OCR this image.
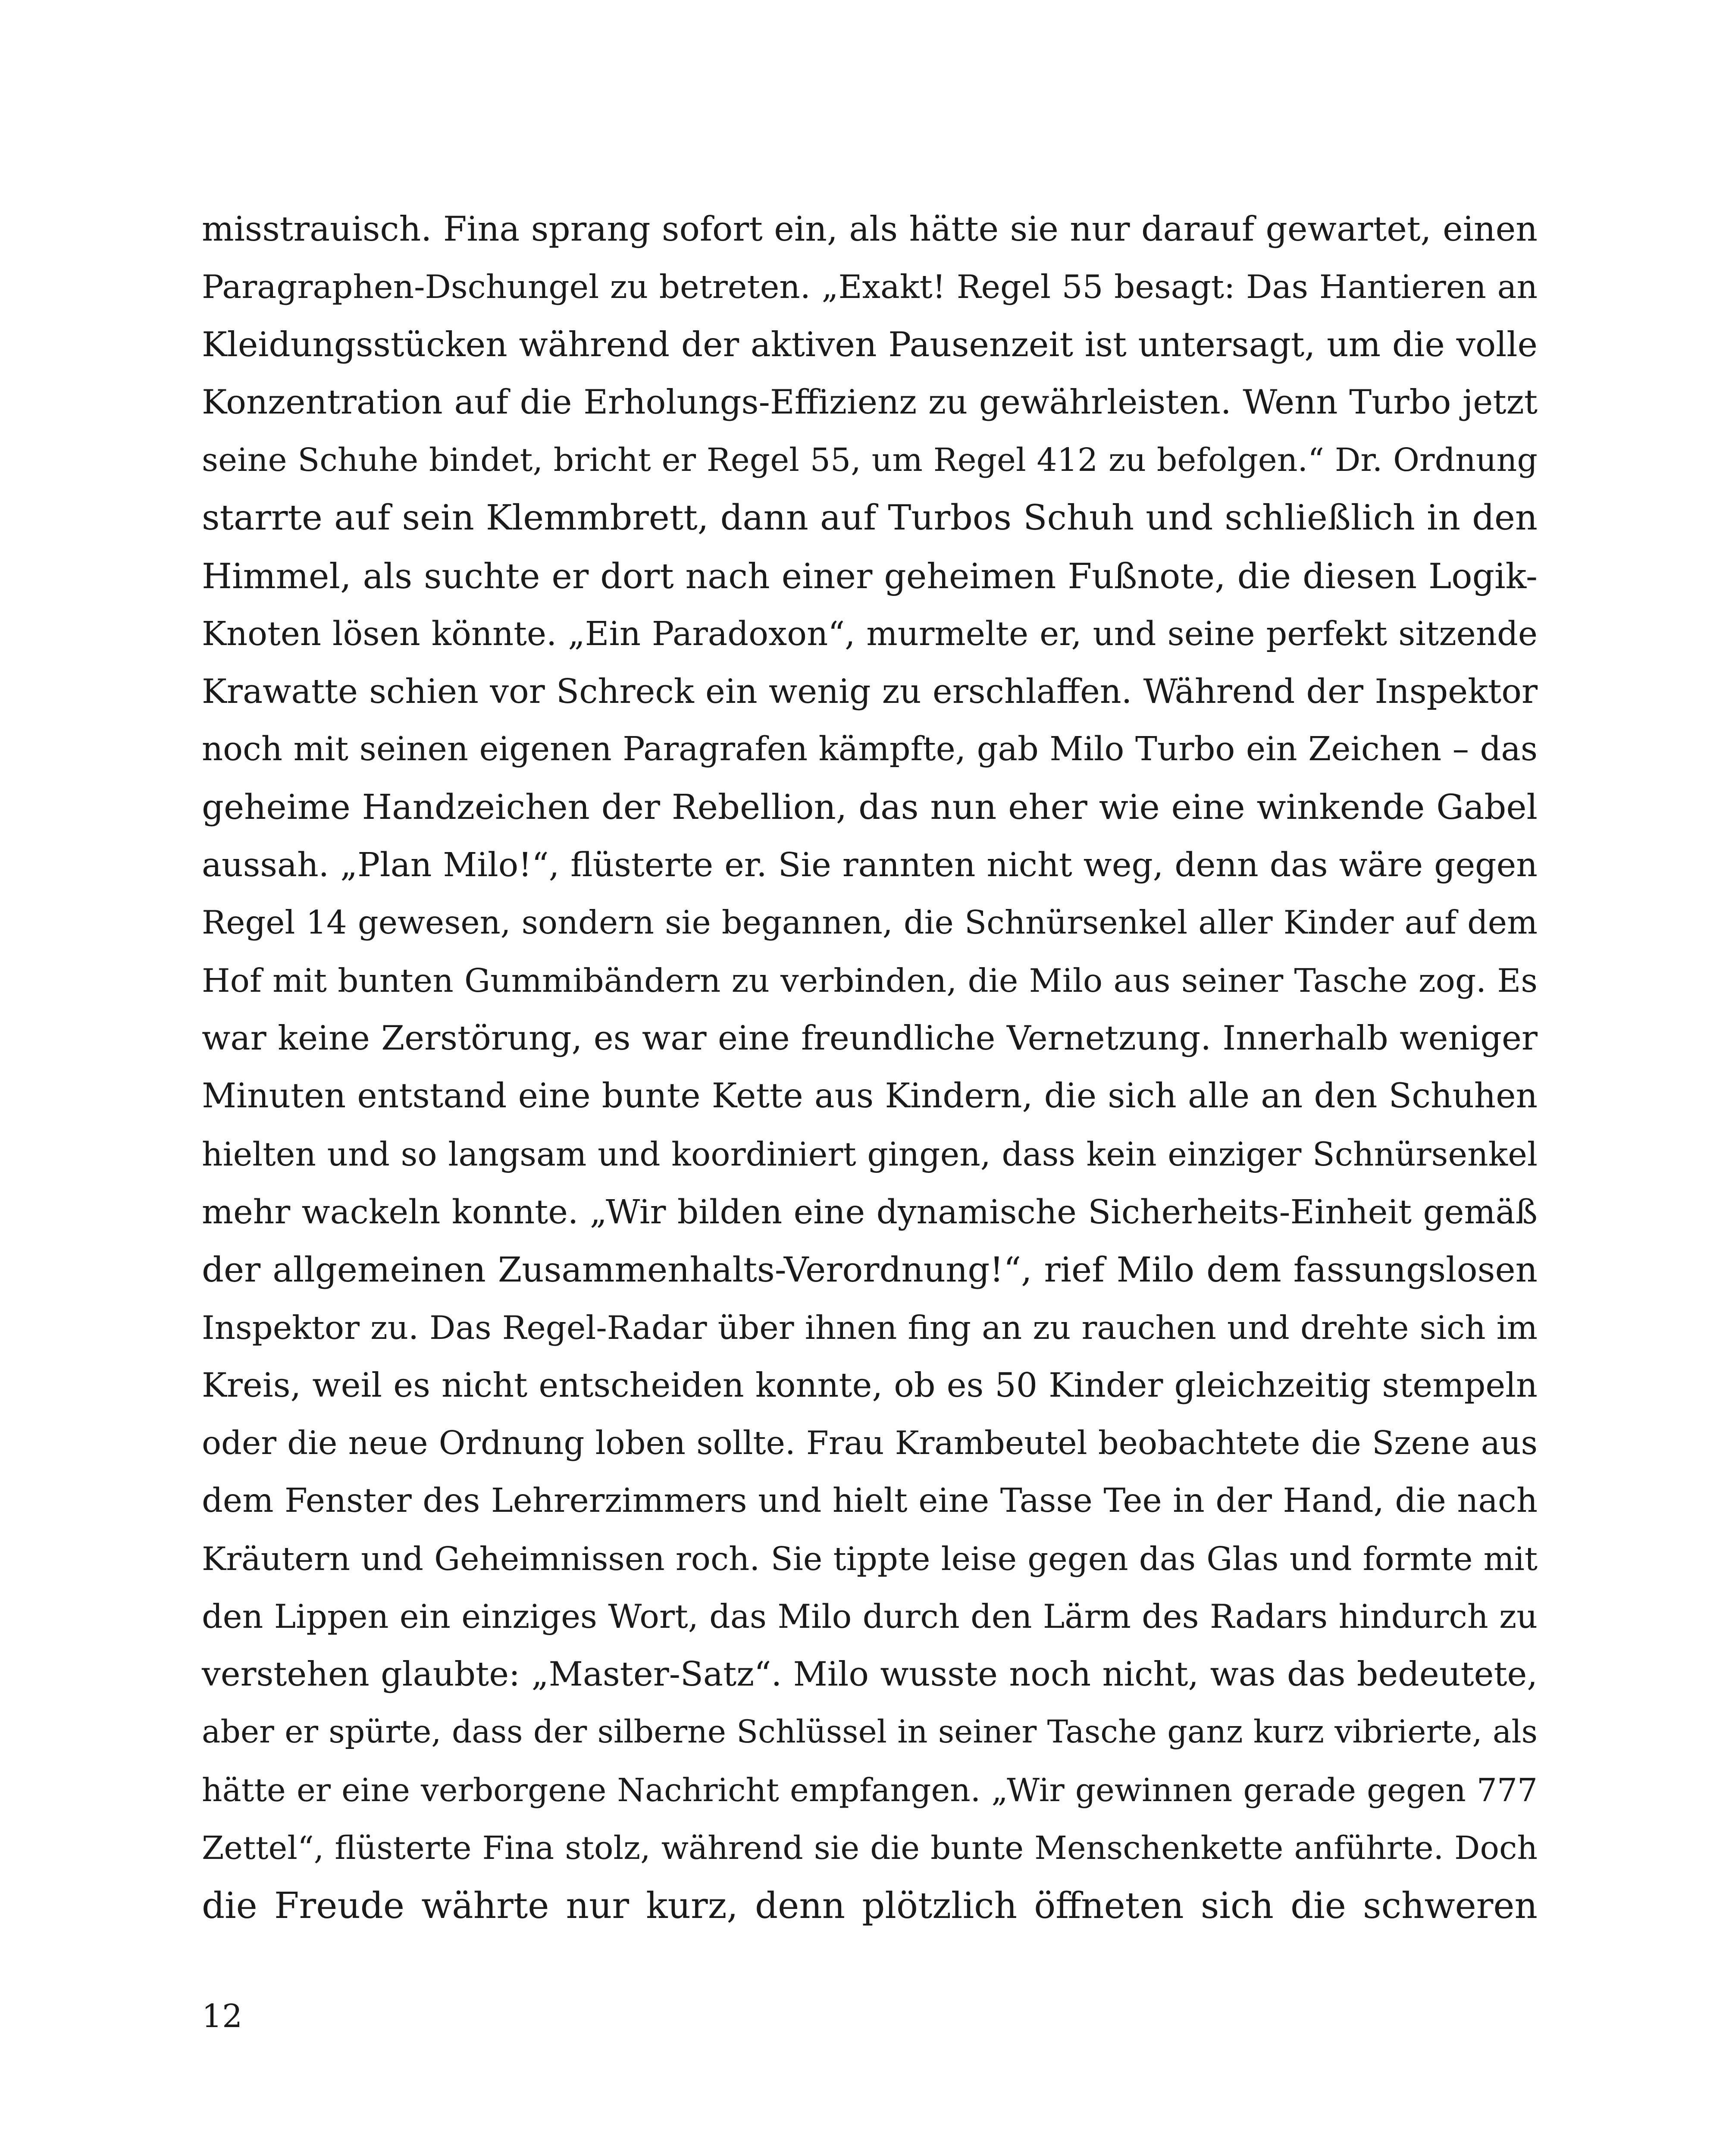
misstrauisch. Fina sprang sofort ein, als hätte sie nur darauf gewartet, einen
Paragraphen-Dschungel zu betreten. „Exakt! Regel 55 besagt: Das Hantieren an
Kleidungsstücken während der aktiven Pausenzeit ist untersagt, um die volle
Konzentration auf die Erholungs-Effizienz zu gewährleisten. Wenn Turbo jetzt
seine Schuhe bindet, bricht er Regel 55, um Regel 412 zu befolgen.“ Dr. Ordnung
starrte auf sein Klemmbrett, dann auf Turbos Schuh und schließlich in den
Himmel, als suchte er dort nach einer geheimen Fußnote, die diesen Logik-
Knoten lösen könnte. „Ein Paradoxon“, murmelte er, und seine perfekt sitzende
Krawatte schien vor Schreck ein wenig zu erschlaffen. Während der Inspektor
noch mit seinen eigenen Paragrafen kämpfte, gab Milo Turbo ein Zeichen – das
geheime Handzeichen der Rebellion, das nun eher wie eine winkende Gabel
aussah. „Plan Milo!“, flüsterte er. Sie rannten nicht weg, denn das wäre gegen
Regel 14 gewesen, sondern sie begannen, die Schnürsenkel aller Kinder auf dem
Hof mit bunten Gummibändern zu verbinden, die Milo aus seiner Tasche zog. Es
war keine Zerstörung, es war eine freundliche Vernetzung. Innerhalb weniger
Minuten entstand eine bunte Kette aus Kindern, die sich alle an den Schuhen
hielten und so langsam und koordiniert gingen, dass kein einziger Schnürsenkel
mehr wackeln konnte. „Wir bilden eine dynamische Sicherheits-Einheit gemäß
der allgemeinen Zusammenhalts-Verordnung!“, rief Milo dem fassungslosen
Inspektor zu. Das Regel-Radar über ihnen fing an zu rauchen und drehte sich im
Kreis, weil es nicht entscheiden konnte, ob es 50 Kinder gleichzeitig stempeln
oder die neue Ordnung loben sollte. Frau Krambeutel beobachtete die Szene aus
dem Fenster des Lehrerzimmers und hielt eine Tasse Tee in der Hand, die nach
Kräutern und Geheimnissen roch. Sie tippte leise gegen das Glas und formte mit
den Lippen ein einziges Wort, das Milo durch den Lärm des Radars hindurch zu
verstehen glaubte: „Master-Satz“. Milo wusste noch nicht, was das bedeutete,
aber er spürte, dass der silberne Schlüssel in seiner Tasche ganz kurz vibrierte, als
hätte er eine verborgene Nachricht empfangen. „Wir gewinnen gerade gegen 777
Zettel“, flüsterte Fina stolz, während sie die bunte Menschenkette anführte. Doch
die Freude währte nur kurz, denn plötzlich öffneten sich die schweren
12
